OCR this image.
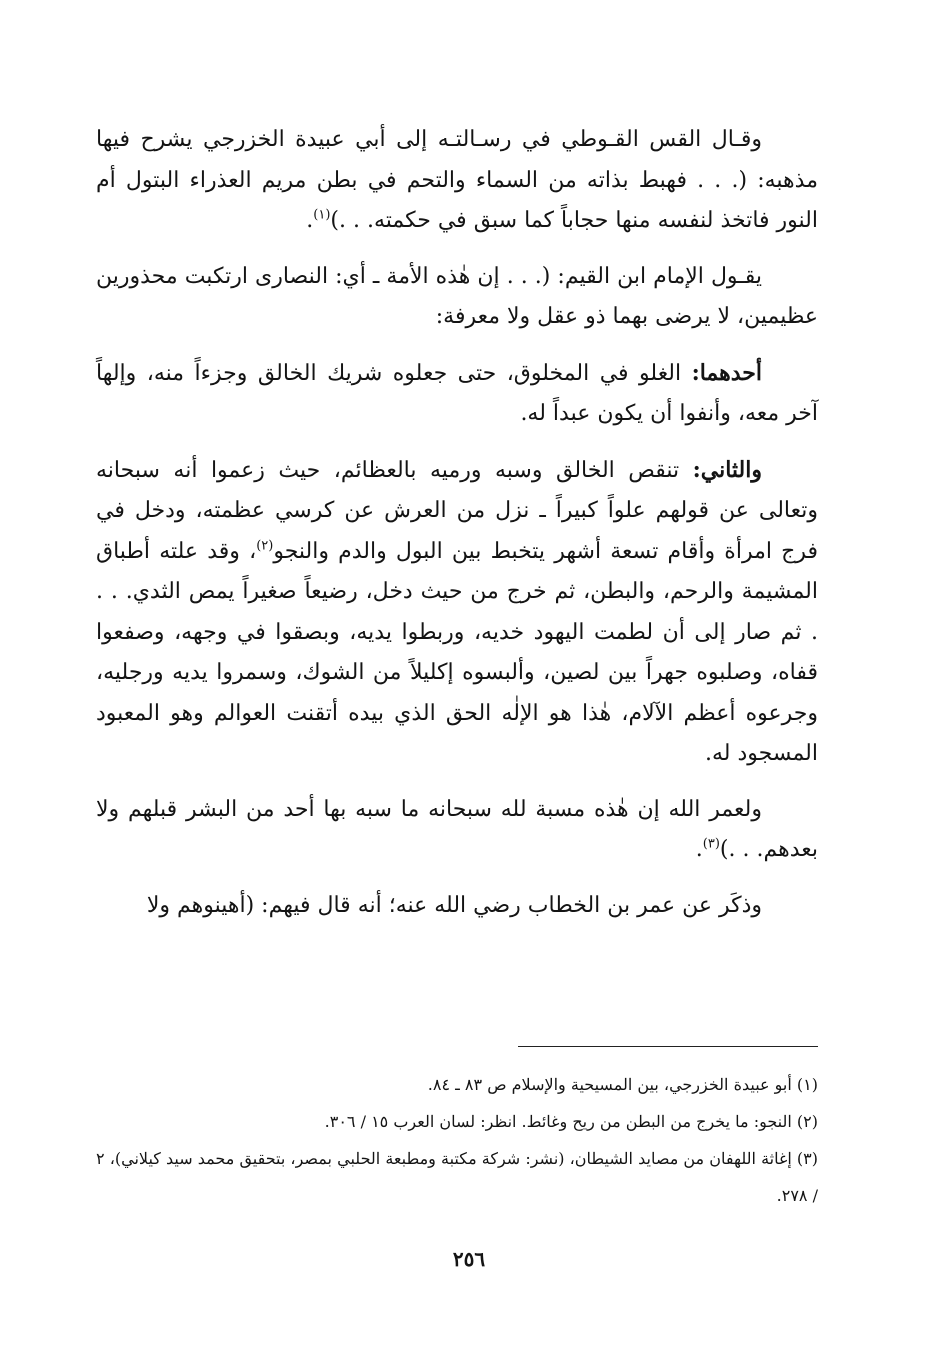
وقـال القس القـوطي في رسـالتـه إلى أبي عبيدة الخزرجي يشرح فيها مذهبه: (. . . فهبط بذاته من السماء والتحم في بطن مريم العذراء البتول أم النور فاتخذ لنفسه منها حجاباً كما سبق في حكمته. . .)$^{(١)}$.

يقـول الإمام ابن القيم: (. . . إن هٰذه الأمة ـ أي: النصارى ارتكبت محذورين عظيمين، لا يرضى بهما ذو عقل ولا معرفة:

أحدهما: الغلو في المخلوق، حتى جعلوه شريك الخالق وجزءاً منه، وإلهاً آخر معه، وأنفوا أن يكون عبداً له.

والثاني: تنقص الخالق وسبه ورميه بالعظائم، حيث زعموا أنه سبحانه وتعالى عن قولهم علواً كبيراً ـ نزل من العرش عن كرسي عظمته، ودخل في فرج امرأة وأقام تسعة أشهر يتخبط بين البول والدم والنجو$^{(٢)}$، وقد علته أطباق المشيمة والرحم، والبطن، ثم خرج من حيث دخل، رضيعاً صغيراً يمص الثدي. . . . ثم صار إلى أن لطمت اليهود خديه، وربطوا يديه، وبصقوا في وجهه، وصفعوا قفاه، وصلبوه جهراً بين لصين، وألبسوه إكليلاً من الشوك، وسمروا يديه ورجليه، وجرعوه أعظم الآلام، هٰذا هو الإلٰه الحق الذي بيده أتقنت العوالم وهو المعبود المسجود له.

ولعمر الله إن هٰذه مسبة لله سبحانه ما سبه بها أحد من البشر قبلهم ولا بعدهم. . .)$^{(٣)}$.

وذكَر عن عمر بن الخطاب رضي الله عنه؛ أنه قال فيهم: (أهينوهم ولا

(١) أبو عبيدة الخزرجي، بين المسيحية والإسلام ص ٨٣ ـ ٨٤.

(٢) النجو: ما يخرج من البطن من ريح وغائط. انظر: لسان العرب ١٥ / ٣٠٦.

(٣) إغاثة اللهفان من مصايد الشيطان، (نشر: شركة مكتبة ومطبعة الحلبي بمصر، بتحقيق محمد سيد كيلاني)، ٢ / ٢٧٨.

٢٥٦
